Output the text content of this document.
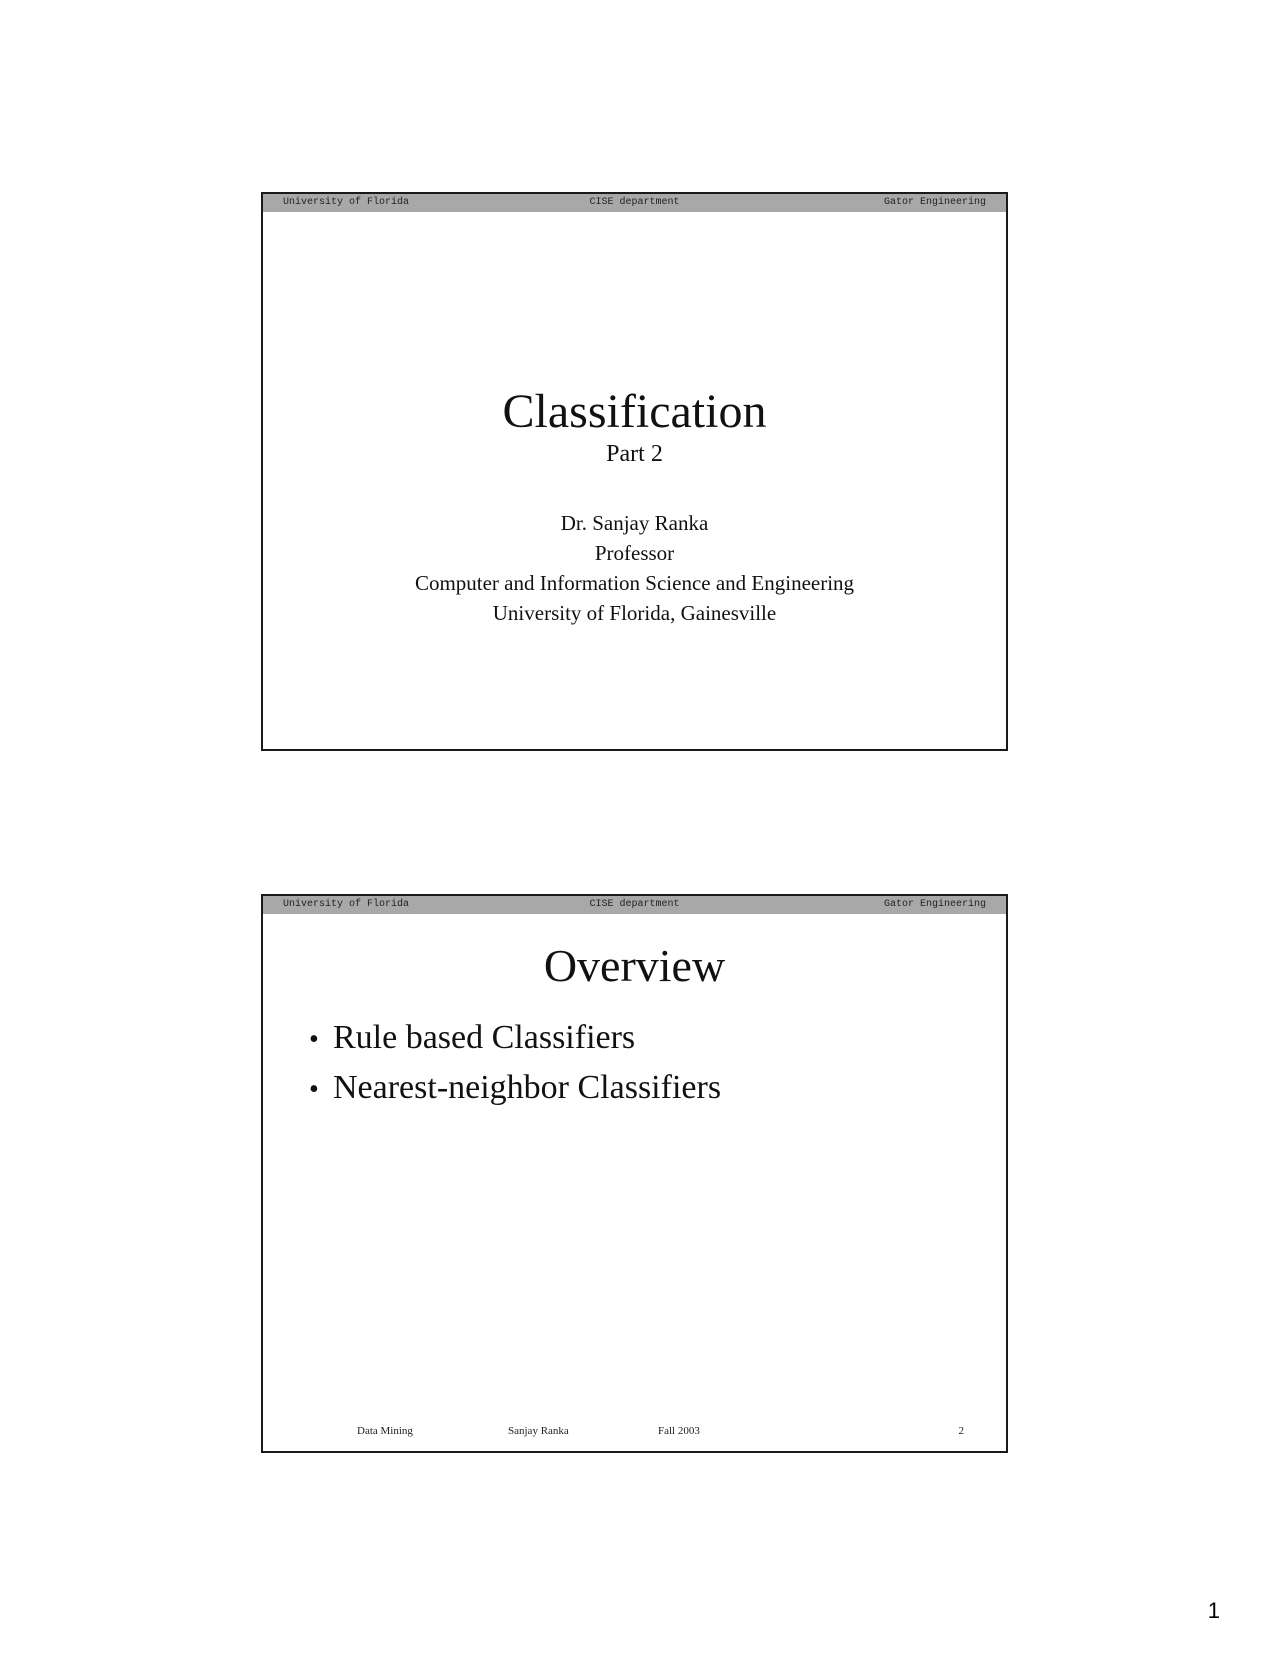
University of Florida	CISE department	Gator Engineering
Classification
Part 2
Dr. Sanjay Ranka
Professor
Computer and Information Science and Engineering
University of Florida, Gainesville
University of Florida	CISE department	Gator Engineering
Overview
• Rule based Classifiers
• Nearest-neighbor Classifiers
Data Mining	Sanjay Ranka	Fall 2003	2
1
